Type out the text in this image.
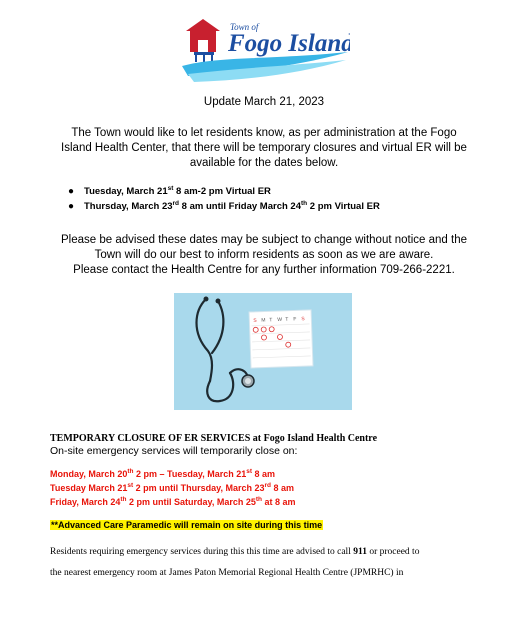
Town of
Fogo Island
Update March 21, 2023
The Town would like to let residents know, as per administration at the Fogo
Island Health Center, that there will be temporary closures and virtual ER will be
available for the dates below.
●	Tuesday, March 21st 8 am-2 pm Virtual ER
●	Thursday, March 23rd 8 am until Friday March 24th 2 pm Virtual ER
Please be advised these dates may be subject to change without notice and the
Town will do our best to inform residents as soon as we are aware.
Please contact the Health Centre for any further information 709-266-2221.
S M T W T F S
TEMPORARY CLOSURE OF ER SERVICES at Fogo Island Health Centre
On-site emergency services will temporarily close on:
Monday, March 20th 2 pm – Tuesday, March 21st 8 am
Tuesday March 21st 2 pm until Thursday, March 23rd 8 am
Friday, March 24th 2 pm until Saturday, March 25th at 8 am
**Advanced Care Paramedic will remain on site during this time
Residents requiring emergency services during this this time are advised to call 911 or proceed to
the nearest emergency room at James Paton Memorial Regional Health Centre (JPMRHC) in
